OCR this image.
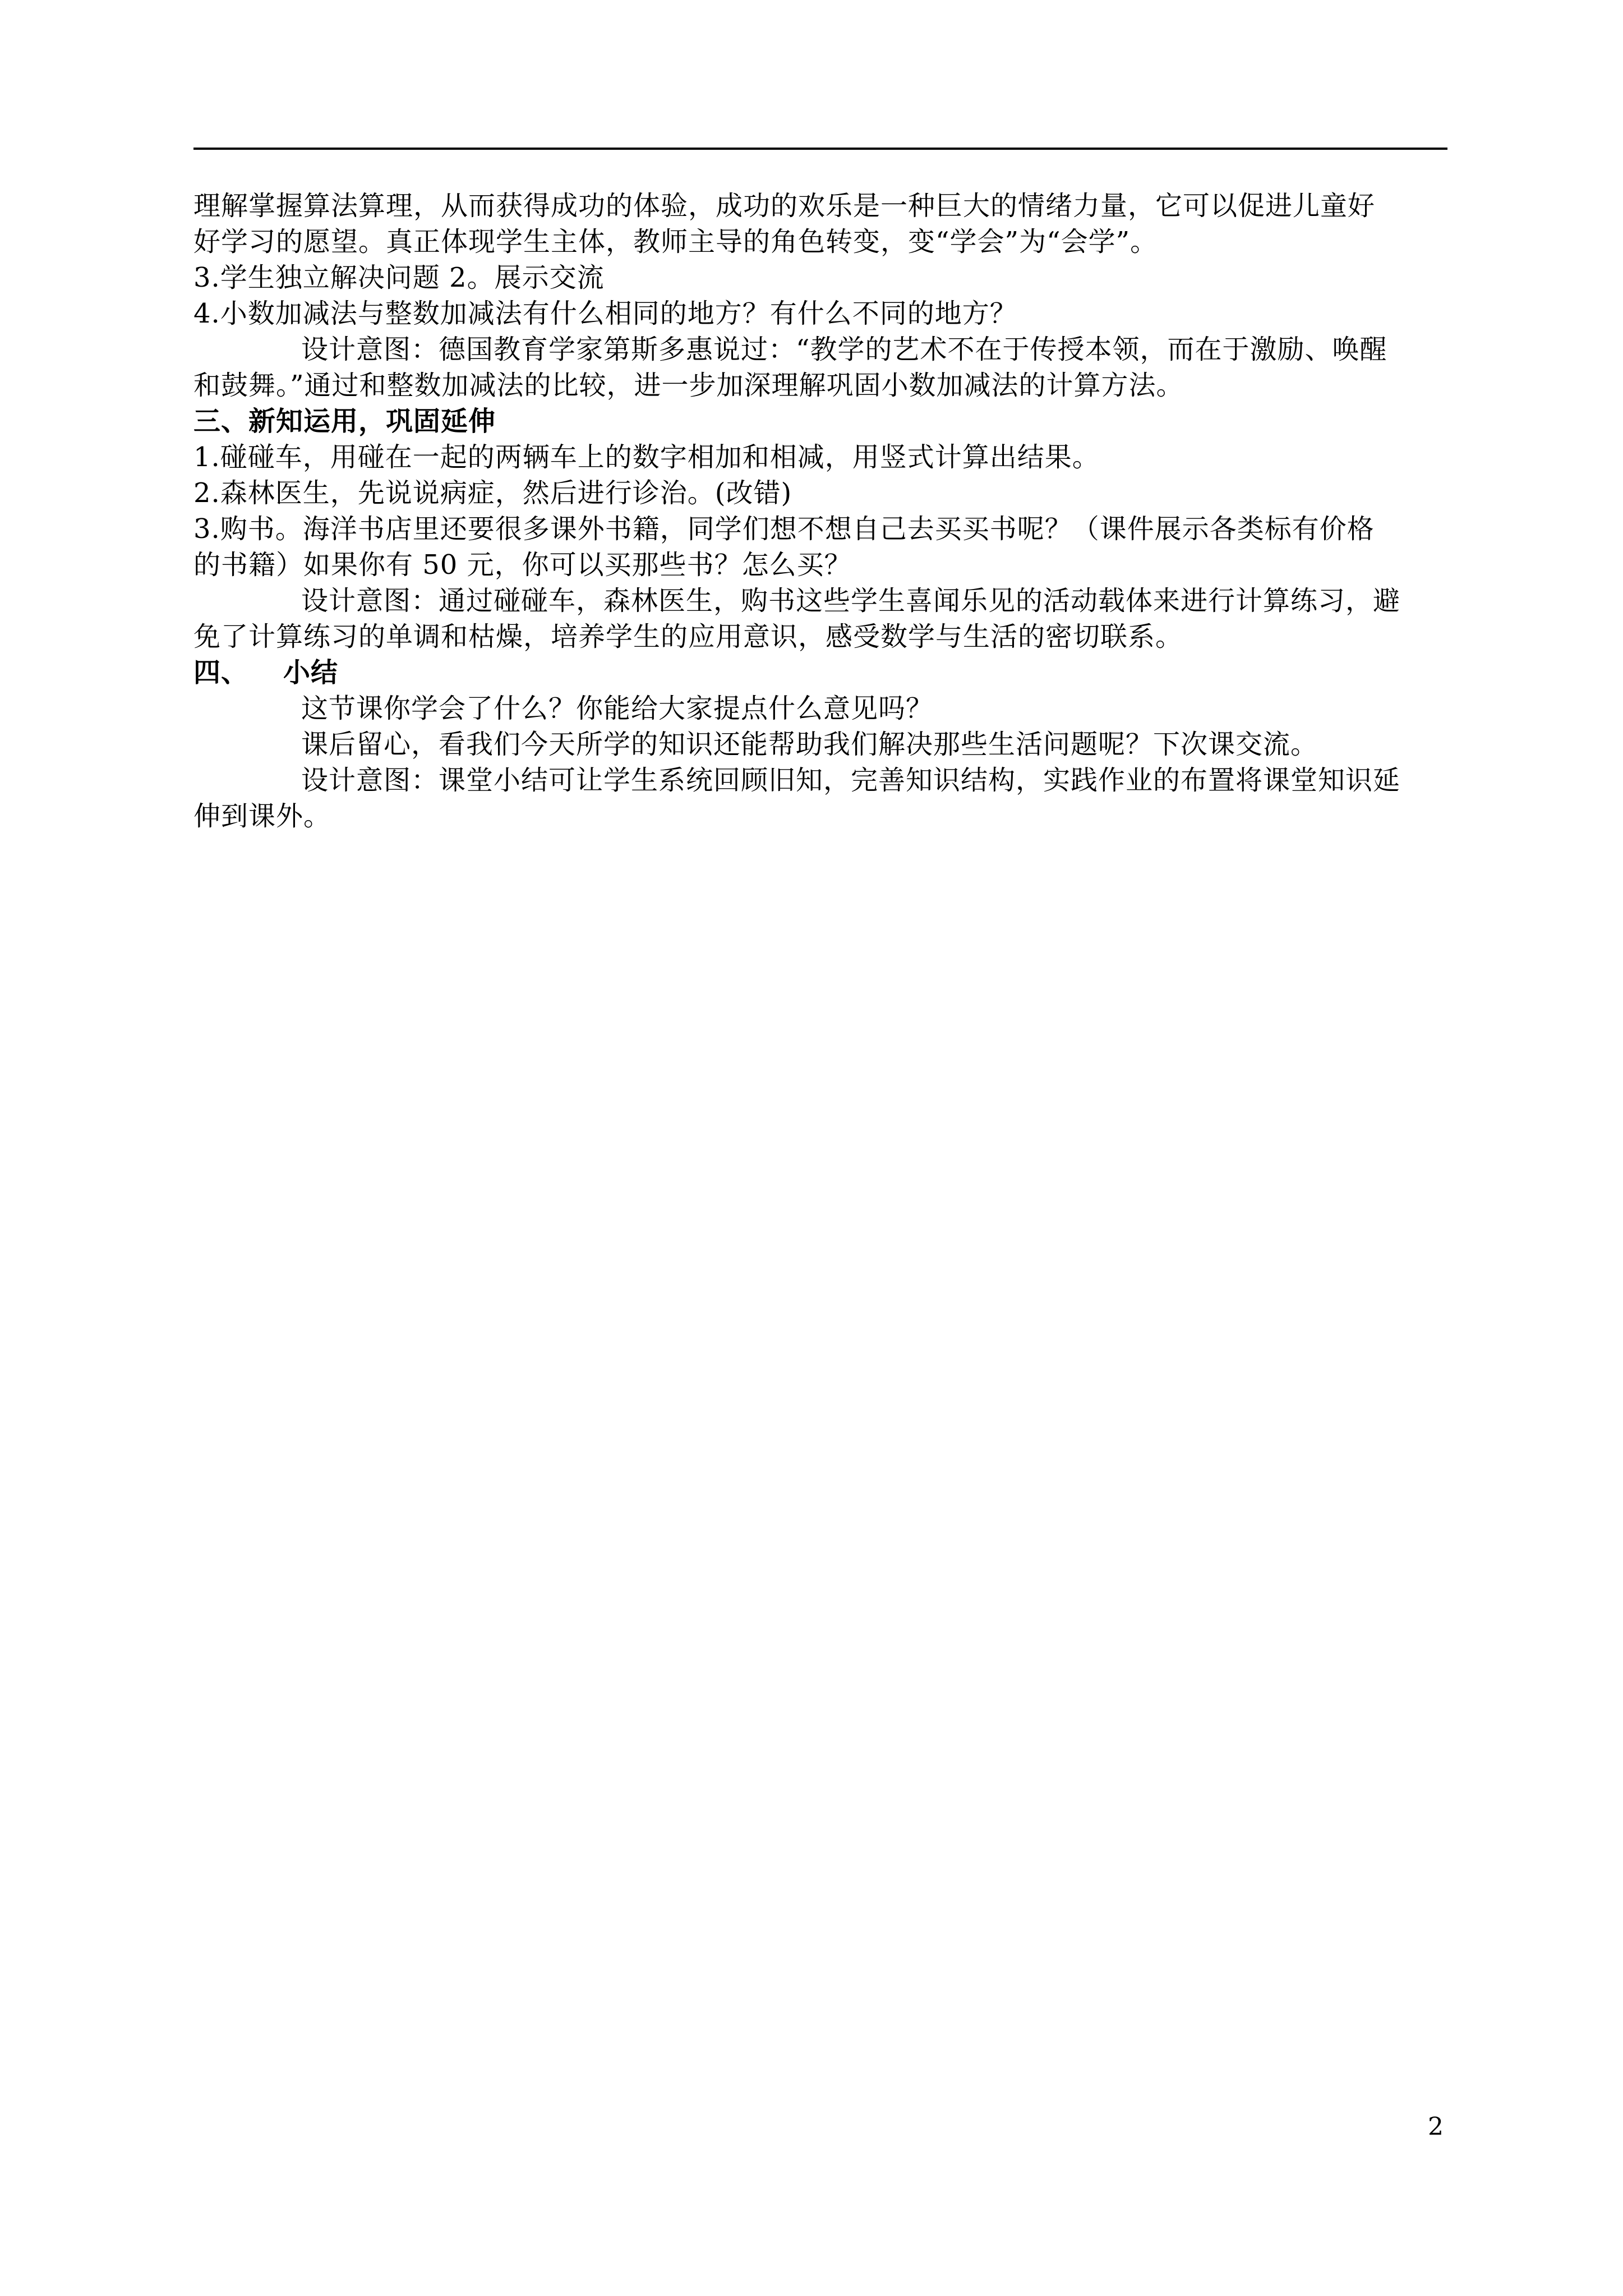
理解掌握算法算理，从而获得成功的体验，成功的欢乐是一种巨大的情绪力量，它可以促进儿童好

好学习的愿望。真正体现学生主体，教师主导的角色转变，变“学会”为“会学”。

3.学生独立解决问题 2。展示交流

4.小数加减法与整数加减法有什么相同的地方？有什么不同的地方？

设计意图：德国教育学家第斯多惠说过：“教学的艺术不在于传授本领，而在于激励、唤醒

和鼓舞。”通过和整数加减法的比较，进一步加深理解巩固小数加减法的计算方法。

三、新知运用，巩固延伸

1.碰碰车，用碰在一起的两辆车上的数字相加和相减，用竖式计算出结果。

2.森林医生，先说说病症，然后进行诊治。(改错)

3.购书。海洋书店里还要很多课外书籍，同学们想不想自己去买买书呢？（课件展示各类标有价格

的书籍）如果你有 50 元，你可以买那些书？怎么买？

设计意图：通过碰碰车，森林医生，购书这些学生喜闻乐见的活动载体来进行计算练习，避

免了计算练习的单调和枯燥，培养学生的应用意识，感受数学与生活的密切联系。

四、 小结

这节课你学会了什么？你能给大家提点什么意见吗？

课后留心，看我们今天所学的知识还能帮助我们解决那些生活问题呢？下次课交流。

设计意图：课堂小结可让学生系统回顾旧知，完善知识结构，实践作业的布置将课堂知识延

伸到课外。

2
